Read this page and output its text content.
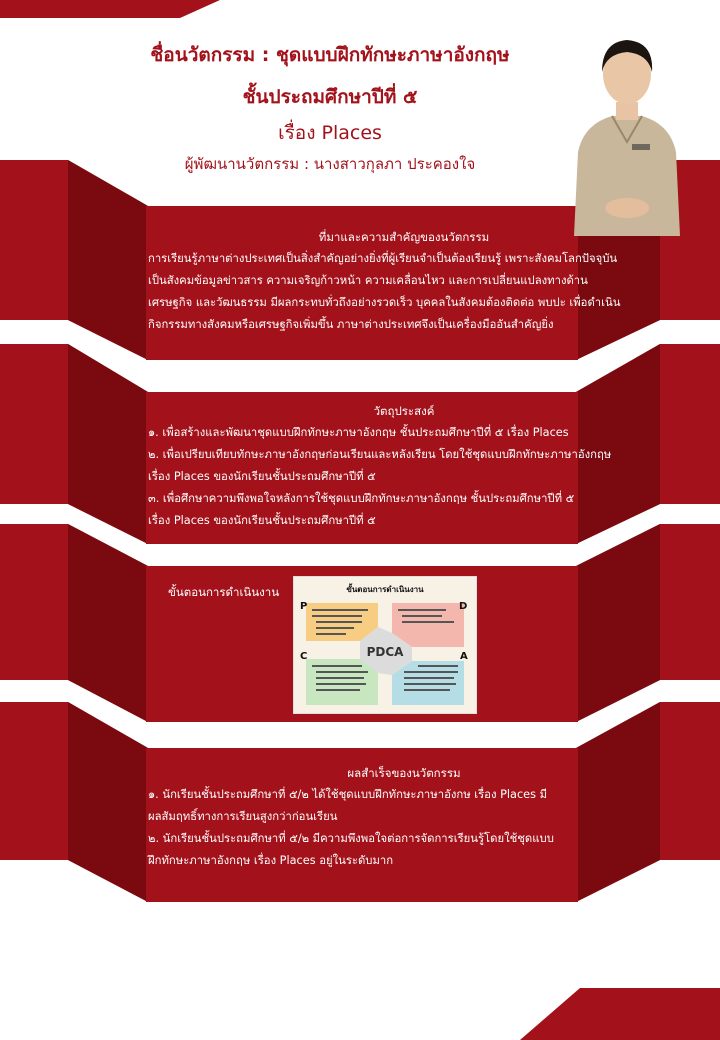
ชื่อนวัตกรรม : ชุดแบบฝึกทักษะภาษาอังกฤษ
ชั้นประถมศึกษาปีที่ ๕
เรื่อง Places
ผู้พัฒนานวัตกรรม : นางสาวกุลภา ประคองใจ
ที่มาและความสำคัญของนวัตกรรม
การเรียนรู้ภาษาต่างประเทศเป็นสิ่งสำคัญอย่างยิ่งที่ผู้เรียนจำเป็นต้องเรียนรู้ เพราะสังคมโลกปัจจุบัน
เป็นสังคมข้อมูลข่าวสาร ความเจริญก้าวหน้า ความเคลื่อนไหว และการเปลี่ยนแปลงทางด้าน
เศรษฐกิจ และวัฒนธรรม มีผลกระทบทั่วถึงอย่างรวดเร็ว บุคคลในสังคมต้องติดต่อ พบปะ เพื่อดำเนิน
กิจกรรมทางสังคมหรือเศรษฐกิจเพิ่มขึ้น ภาษาต่างประเทศจึงเป็นเครื่องมืออันสำคัญยิ่ง
วัตถุประสงค์
๑. เพื่อสร้างและพัฒนาชุดแบบฝึกทักษะภาษาอังกฤษ ชั้นประถมศึกษาปีที่ ๕ เรื่อง Places
๒. เพื่อเปรียบเทียบทักษะภาษาอังกฤษก่อนเรียนและหลังเรียน โดยใช้ชุดแบบฝึกทักษะภาษาอังกฤษ
เรื่อง Places ของนักเรียนชั้นประถมศึกษาปีที่ ๕
๓. เพื่อศึกษาความพึงพอใจหลังการใช้ชุดแบบฝึกทักษะภาษาอังกฤษ ชั้นประถมศึกษาปีที่ ๕
เรื่อง Places ของนักเรียนชั้นประถมศึกษาปีที่ ๕
ขั้นตอนการดำเนินงาน	ขั้นตอนการดำเนินงาน
P	D
C	A
PDCA
ผลสำเร็จของนวัตกรรม
๑. นักเรียนชั้นประถมศึกษาที่ ๕/๒ ได้ใช้ชุดแบบฝึกทักษะภาษาอังกษ เรื่อง Places มี
ผลสัมฤทธิ์ทางการเรียนสูงกว่าก่อนเรียน
๒. นักเรียนชั้นประถมศึกษาที่ ๕/๒ มีความพึงพอใจต่อการจัดการเรียนรู้โดยใช้ชุดแบบ
ฝึกทักษะภาษาอังกฤษ เรื่อง Places อยู่ในระดับมาก
